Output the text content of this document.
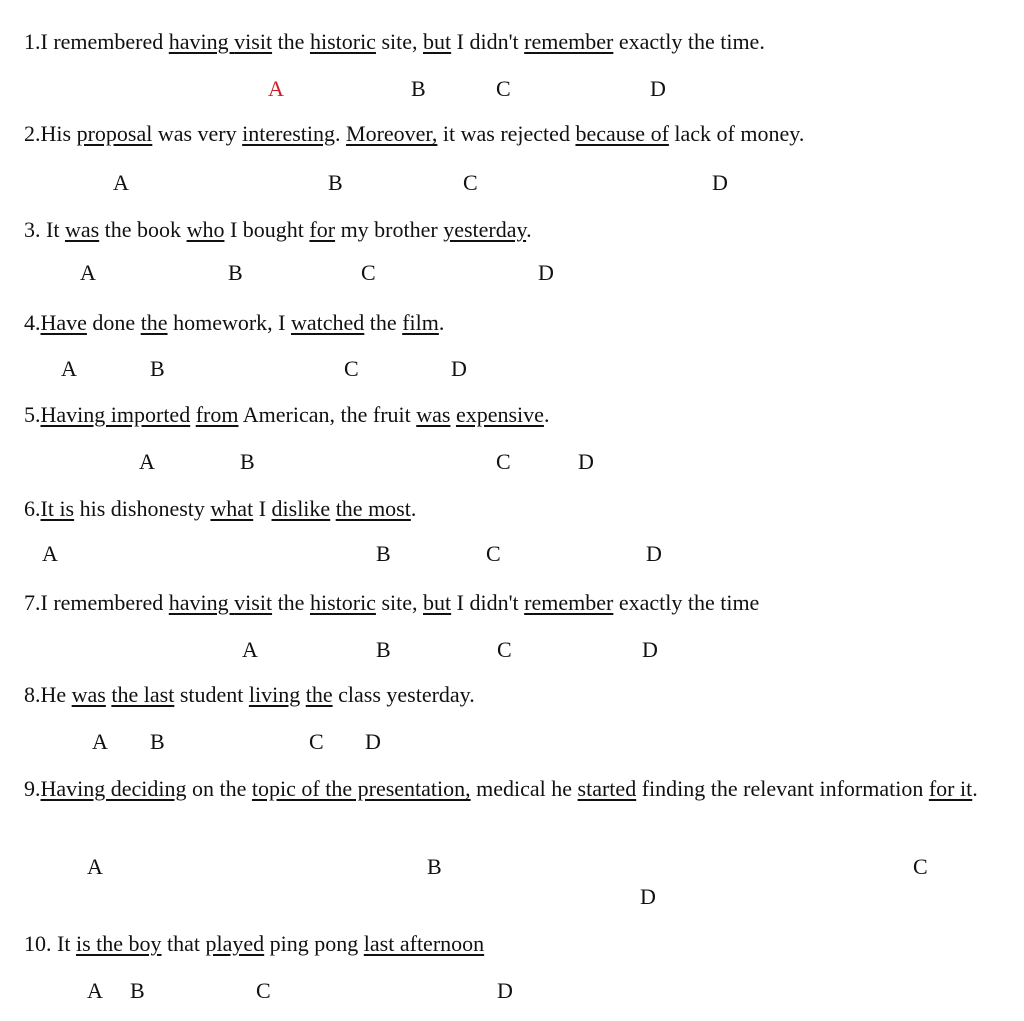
1.I remembered having visit the historic site, but I didn't remember exactly the time.
A	B	C	D
2.His proposal was very interesting. Moreover, it was rejected because of lack of money.
A	B	C	D
3. It was the book who I bought for my brother yesterday.
A	B	C	D
4.Have done the homework, I watched the film.
A	B	C	D
5.Having imported from American, the fruit was expensive.
A	B	C	D
6.It is his dishonesty what I dislike the most.
A	B	C	D
7.I remembered having visit the historic site, but I didn't remember exactly the time
A	B	C	D
8.He was the last student living the class yesterday.
A B	C D
9.Having deciding on the topic of the presentation, medical he started finding the relevant information for it.
A	B	C
D
10. It is the boy that played ping pong last afternoon
A B	C	D
